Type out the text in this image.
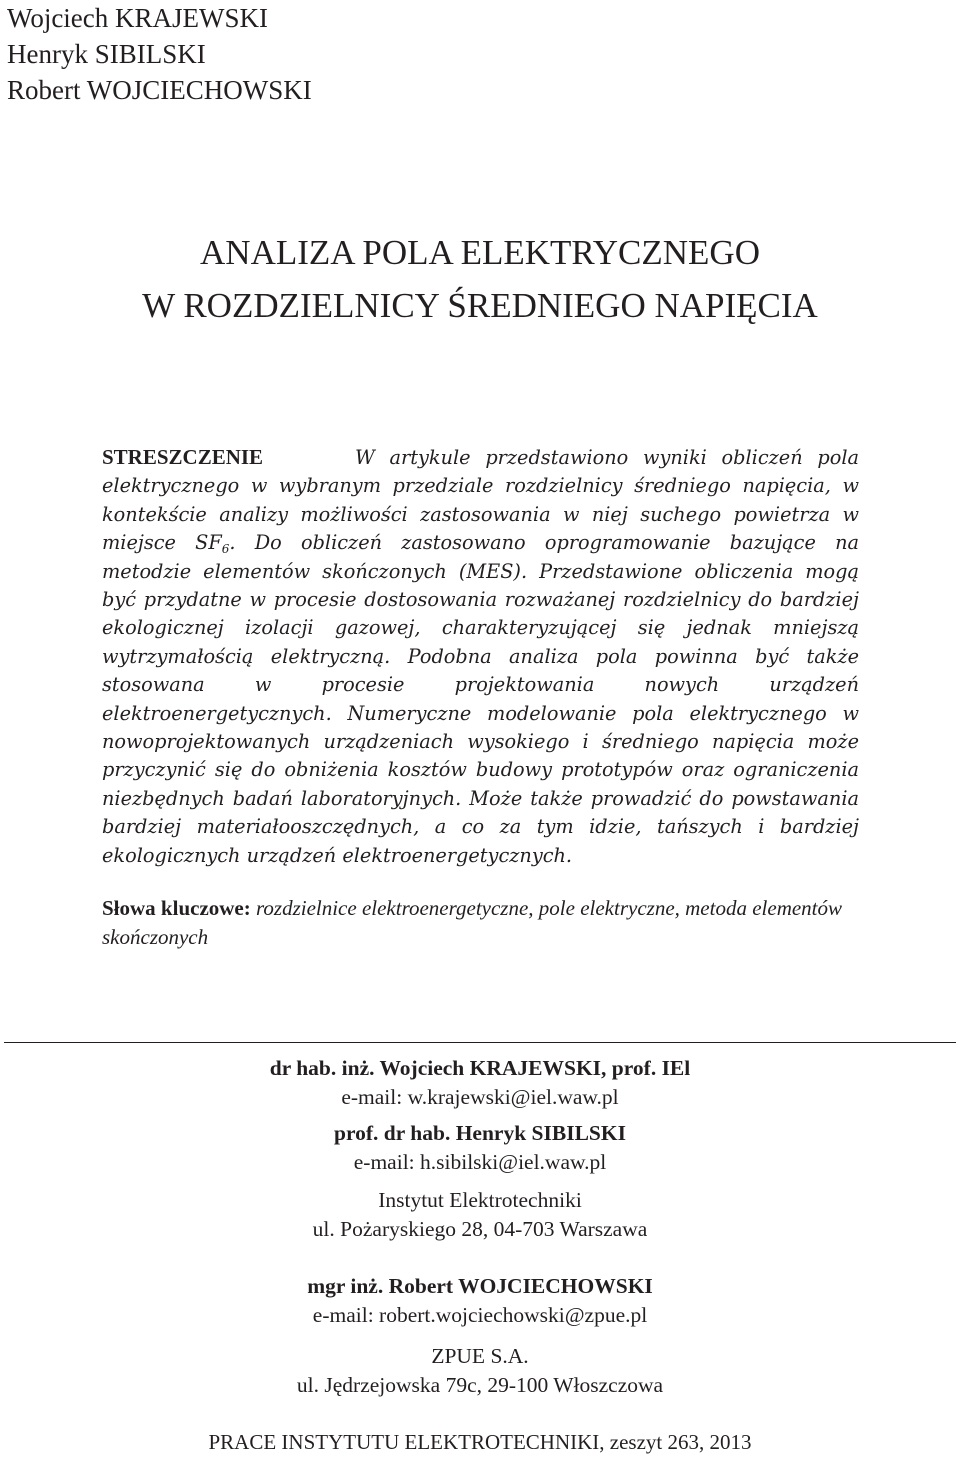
Wojciech KRAJEWSKI
Henryk SIBILSKI
Robert WOJCIECHOWSKI
ANALIZA POLA ELEKTRYCZNEGO
W ROZDZIELNICY ŚREDNIEGO NAPIĘCIA
STRESZCZENIE	W artykule przedstawiono wyniki obliczeń pola elektrycznego w wybranym przedziale rozdzielnicy średniego napięcia, w kontekście analizy możliwości zastosowania w niej suchego powietrza w miejsce $SF_6$. Do obliczeń zastosowano oprogramowanie bazujące na metodzie elementów skończonych (MES). Przedstawione obliczenia mogą być przydatne w procesie dostosowania rozważanej rozdzielnicy do bardziej ekologicznej izolacji gazowej, charakteryzującej się jednak mniejszą wytrzymałością elektryczną. Podobna analiza pola powinna być także stosowana w procesie projektowania nowych urządzeń elektroenergetycznych. Numeryczne modelowanie pola elektrycznego w nowoprojektowanych urządzeniach wysokiego i średniego napięcia może przyczynić się do obniżenia kosztów budowy prototypów oraz ograniczenia niezbędnych badań laboratoryjnych. Może także prowadzić do powstawania bardziej materiałooszczędnych, a co za tym idzie, tańszych i bardziej ekologicznych urządzeń elektroenergetycznych.
Słowa kluczowe: rozdzielnice elektroenergetyczne, pole elektryczne, metoda elementów skończonych
dr hab. inż. Wojciech KRAJEWSKI, prof. IEl
e-mail: w.krajewski@iel.waw.pl
prof. dr hab. Henryk SIBILSKI
e-mail: h.sibilski@iel.waw.pl
Instytut Elektrotechniki
ul. Pożaryskiego 28, 04-703 Warszawa
mgr inż. Robert WOJCIECHOWSKI
e-mail: robert.wojciechowski@zpue.pl
ZPUE S.A.
ul. Jędrzejowska 79c, 29-100 Włoszczowa
PRACE INSTYTUTU ELEKTROTECHNIKI, zeszyt 263, 2013
